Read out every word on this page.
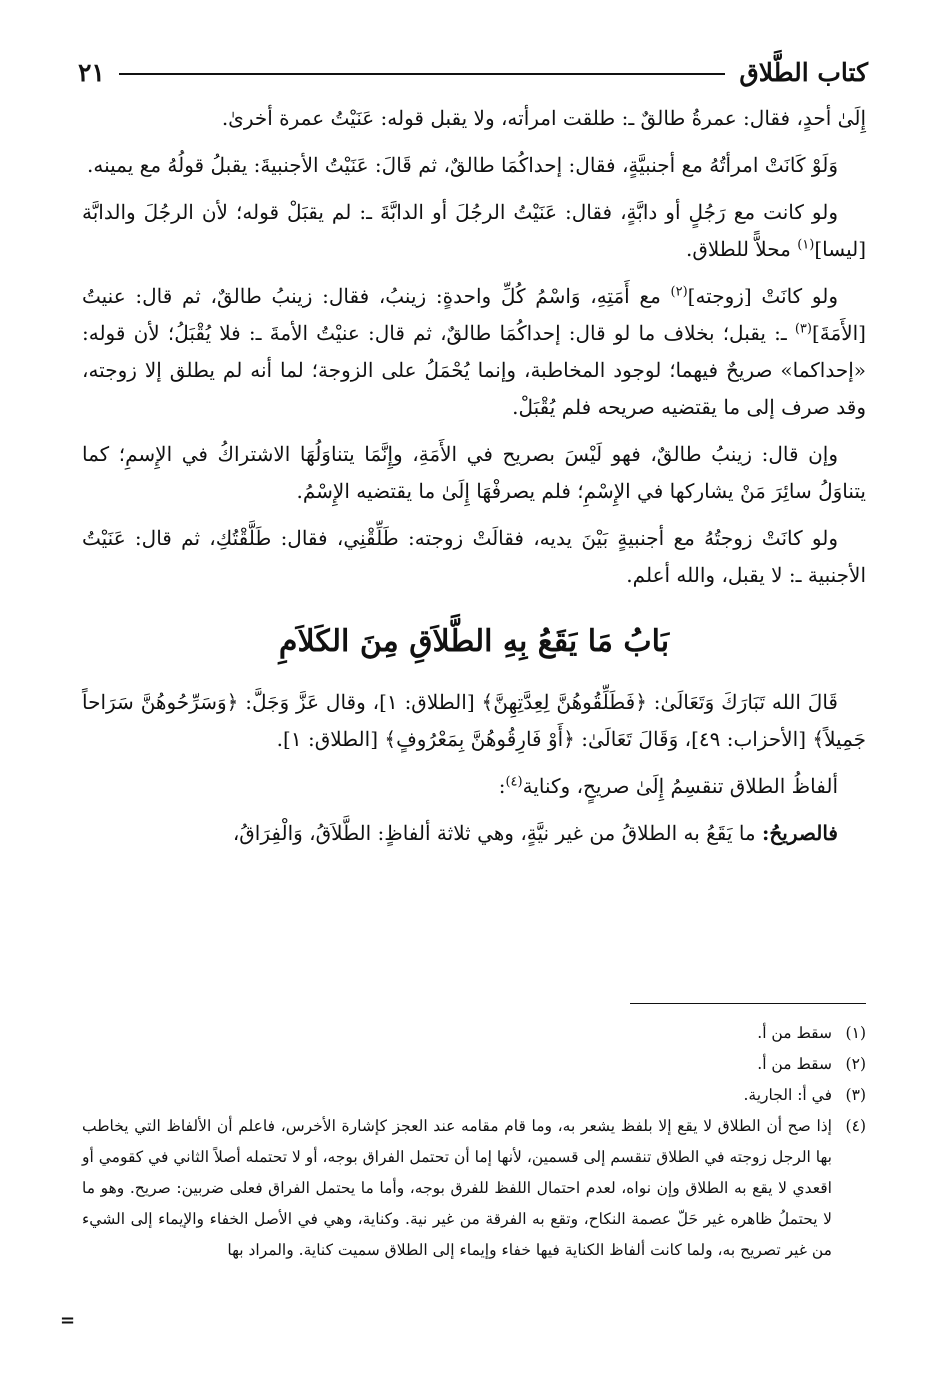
كتاب الطَّلاق
٢١

إِلَىٰ أحدٍ، فقال: عمرةُ طالقٌ ـ: طلقت امرأته، ولا يقبل قوله: عَنَيْتُ عمرة أخرىٰ.

وَلَوْ كَانَتْ امرأتُهُ مع أجنبيَّةٍ، فقال: إحداكُمَا طالقٌ، ثم قَالَ: عَنَيْتُ الأجنبيةَ: يقبلُ قولُهُ مع يمينه.

ولو كانت مع رَجُلٍ أو دابَّةٍ، فقال: عَنَيْتُ الرجُلَ أو الدابَّةَ ـ: لم يقبَلْ قوله؛ لأن الرجُلَ والدابَّة [ليسا]$^{(١)}$ محلاًّ للطلاق.

ولو كانَتْ [زوجته]$^{(٢)}$ مع أَمَتِهِ، وَاسْمُ كُلِّ واحدةٍ: زينبُ، فقال: زينبُ طالقٌ، ثم قال: عنيتُ [الأَمَةَ]$^{(٣)}$ ـ: يقبل؛ بخلاف ما لو قال: إحداكُمَا طالقٌ، ثم قال: عنيْتُ الأمةَ ـ: فلا يُقْبَلُ؛ لأن قوله: «إحداكما» صريحٌ فيهما؛ لوجود المخاطبة، وإنما يُحْمَلُ على الزوجة؛ لما أنه لم يطلق إلا زوجته، وقد صرف إلى ما يقتضيه صريحه فلم يُقْبَلْ.

وإن قال: زينبُ طالقٌ، فهو لَيْسَ بصريح في الأَمَةِ، وإِنَّمَا يتناوَلُهَا الاشتراكُ في الإِسمِ؛ كما يتناوَلُ سائِرَ مَنْ يشاركها في الإِسْمِ؛ فلم يصرفْهَا إِلَىٰ ما يقتضيه الإِسْمُ.

ولو كانَتْ زوجتُهُ مع أجنبيةٍ بَيْنَ يديه، فقالَتْ زوجته: طَلِّقْنِي، فقال: طَلَّقْتُكِ، ثم قال: عَنَيْتُ الأجنبية ـ: لا يقبل، والله أعلم.

بَابُ مَا يَقَعُ بِهِ الطَّلاَقِ مِنَ الكَلاَمِ

قَالَ الله تَبَارَكَ وَتَعَالَىٰ: ﴿فَطَلِّقُوهُنَّ لِعِدَّتِهِنَّ﴾ [الطلاق: ١]، وقال عَزَّ وَجَلَّ: ﴿وَسَرِّحُوهُنَّ سَرَاحاً جَمِيلاً﴾ [الأحزاب: ٤٩]، وَقَالَ تَعَالَىٰ: ﴿أَوْ فَارِقُوهُنَّ بِمَعْرُوفٍ﴾ [الطلاق: ١].

ألفاظُ الطلاق تنقسِمُ إِلَىٰ صريحٍ، وكناية$^{(٤)}$:

فالصريحُ: ما يَقَعُ به الطلاقُ من غير نيَّةٍ، وهي ثلاثة ألفاظٍ: الطَّلاَقُ، وَالْفِرَاقُ،

(١)
سقط من أ.
(٢)
سقط من أ.
(٣)
في أ: الجارية.
(٤)
إذا صح أن الطلاق لا يقع إلا بلفظ يشعر به، وما قام مقامه عند العجز كإشارة الأخرس، فاعلم أن الألفاظ التي يخاطب بها الرجل زوجته في الطلاق تنقسم إلى قسمين، لأنها إما أن تحتمل الفراق بوجه، أو لا تحتمله أصلاً الثاني في كقومي أو اقعدي لا يقع به الطلاق وإن نواه، لعدم احتمال اللفظ للفرق بوجه، وأما ما يحتمل الفراق فعلى ضربين: صريح. وهو ما لا يحتملُ ظاهره غير حَلّ عصمة النكاح، وتقع به الفرقة من غير نية. وكناية، وهي في الأصل الخفاء والإيماء إلى الشيء من غير تصريح به، ولما كانت ألفاظ الكناية فيها خفاء وإيماء إلى الطلاق سميت كناية. والمراد بها
=
